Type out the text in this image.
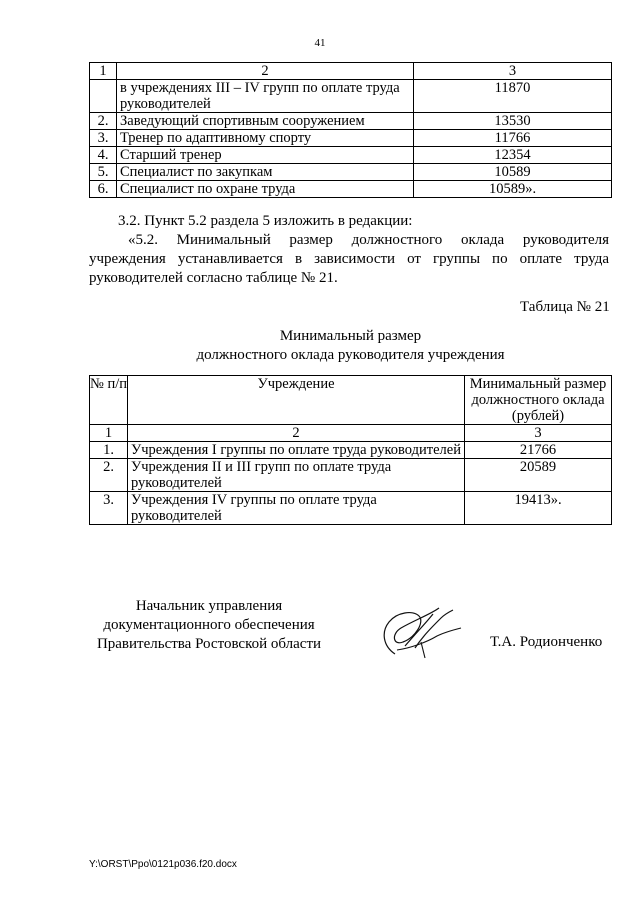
41
1	2	3
	в учреждениях III – IV групп по оплате труда руководителей	11870
2.	Заведующий спортивным сооружением	13530
3.	Тренер по адаптивному спорту	11766
4.	Старший тренер	12354
5.	Специалист по закупкам	10589
6.	Специалист по охране труда	10589».
3.2. Пункт 5.2 раздела 5 изложить в редакции:
«5.2. Минимальный размер должностного оклада руководителя
учреждения устанавливается в зависимости от группы по оплате труда
руководителей согласно таблице № 21.
Таблица № 21
Минимальный размер
должностного оклада руководителя учреждения
№ п/п	Учреждение	Минимальный размер должностного оклада (рублей)
1	2	3
1.	Учреждения I группы по оплате труда руководителей	21766
2.	Учреждения II и III групп по оплате труда руководителей	20589
3.	Учреждения IV группы по оплате труда руководителей	19413».
Начальник управления
документационного обеспечения
Правительства Ростовской области	Т.А. Родионченко
Y:\ORST\Ppo\0121p036.f20.docx
